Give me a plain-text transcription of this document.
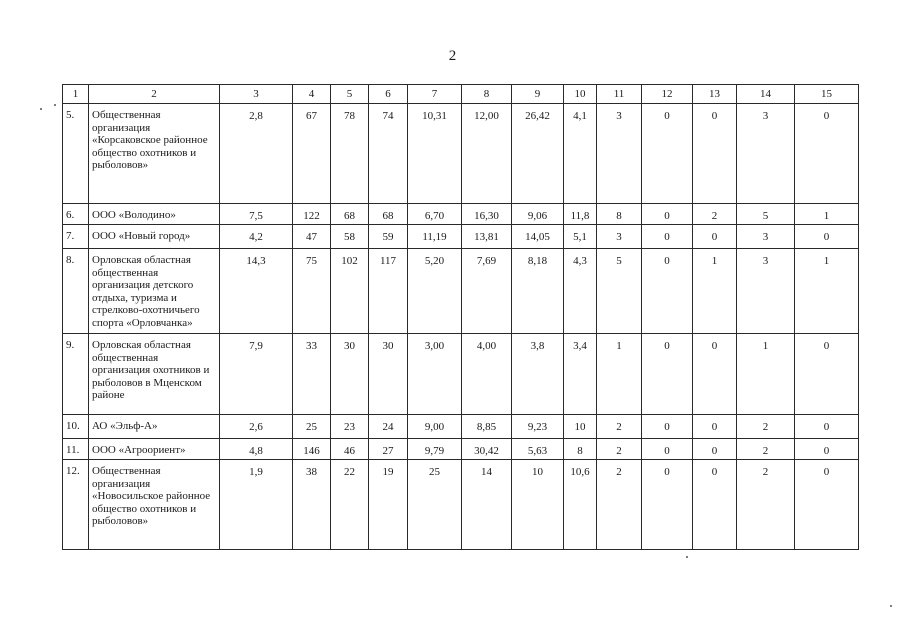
2
1	2	3	4	5	6	7	8	9	10	11	12	13	14	15
5.	Общественная организация «Корсаковское районное общество охотников и рыболовов»	2,8	67	78	74	10,31	12,00	26,42	4,1	3	0	0	3	0
6.	ООО «Володино»	7,5	122	68	68	6,70	16,30	9,06	11,8	8	0	2	5	1
7.	ООО «Новый город»	4,2	47	58	59	11,19	13,81	14,05	5,1	3	0	0	3	0
8.	Орловская областная общественная организация детского отдыха, туризма и стрелково-охотничьего спорта «Орловчанка»	14,3	75	102	117	5,20	7,69	8,18	4,3	5	0	1	3	1
9.	Орловская областная общественная организация охотников и рыболовов в Мценском районе	7,9	33	30	30	3,00	4,00	3,8	3,4	1	0	0	1	0
10.	АО «Эльф-А»	2,6	25	23	24	9,00	8,85	9,23	10	2	0	0	2	0
11.	ООО «Агроориент»	4,8	146	46	27	9,79	30,42	5,63	8	2	0	0	2	0
12.	Общественная организация «Новосильское районное общество охотников и рыболовов»	1,9	38	22	19	25	14	10	10,6	2	0	0	2	0
